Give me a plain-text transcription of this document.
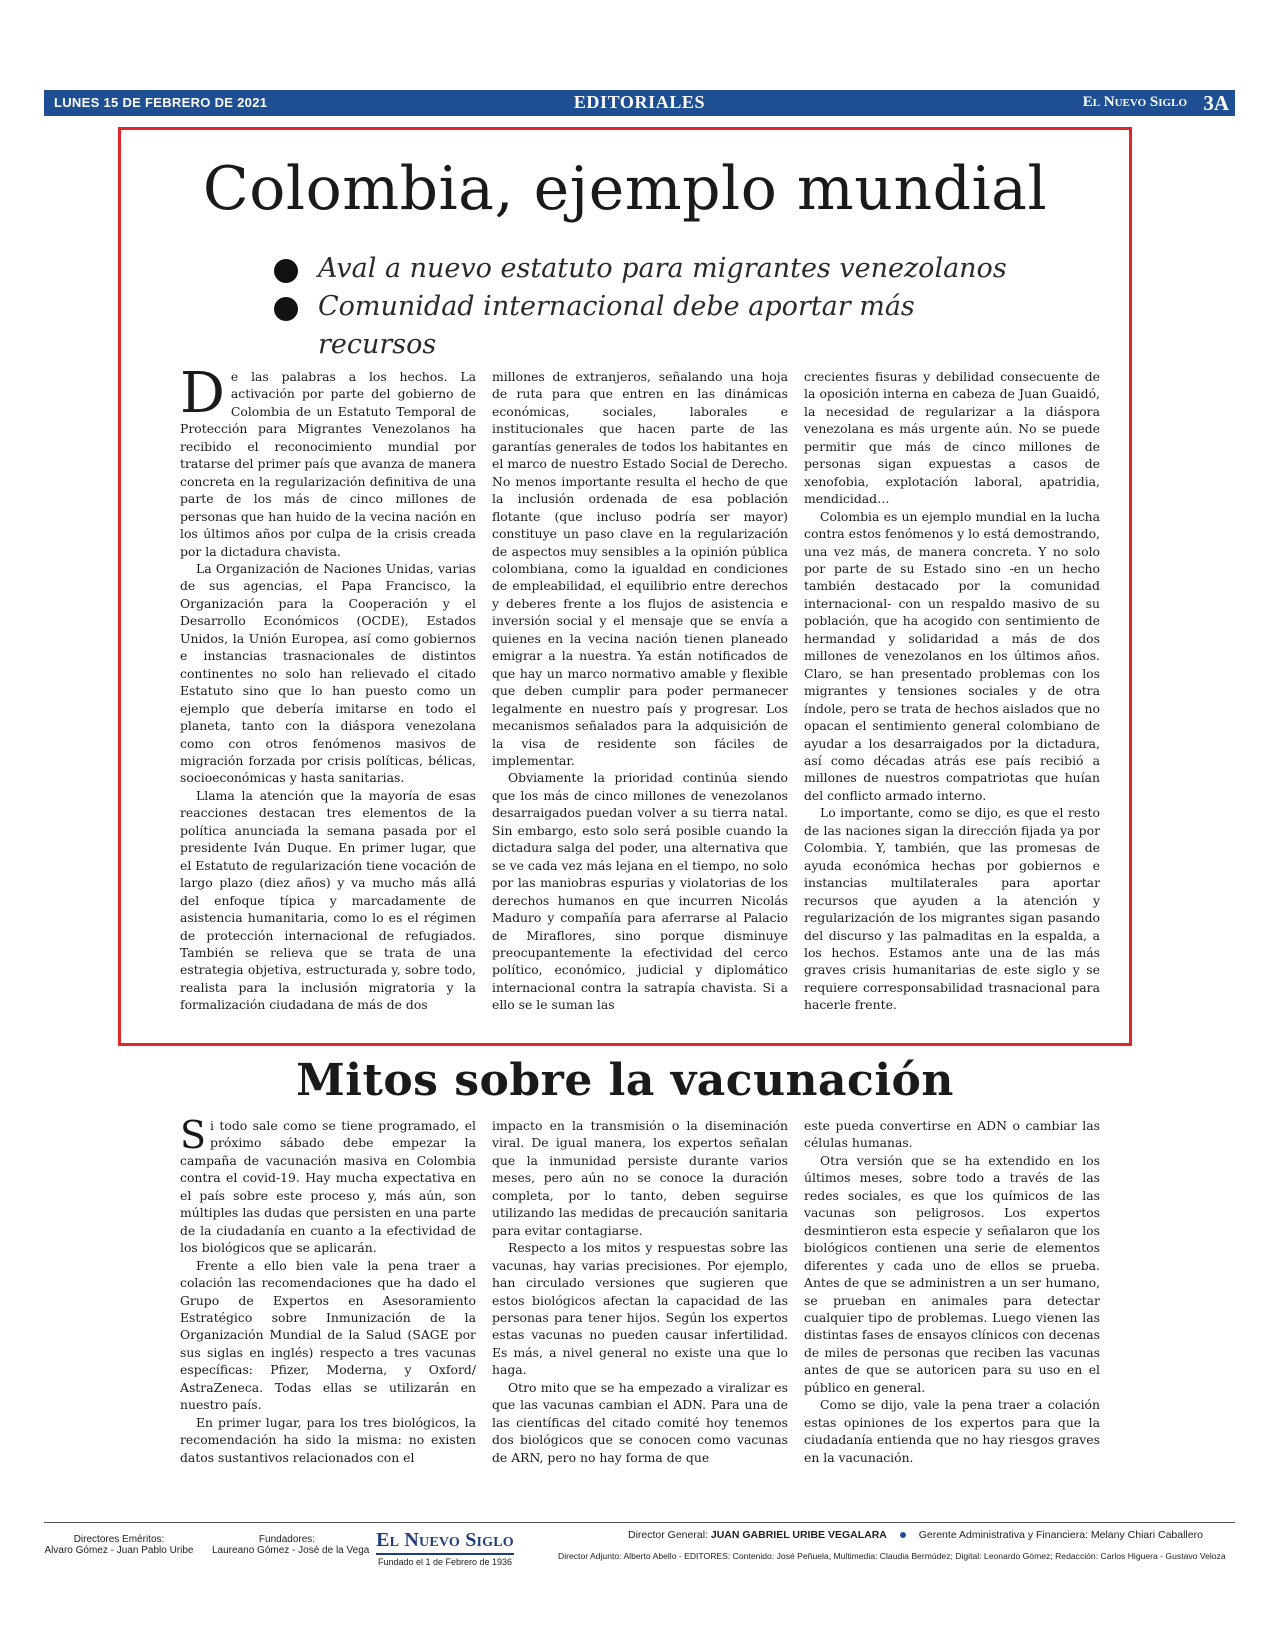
LUNES 15 DE FEBRERO DE 2021	EDITORIALES	El Nuevo Siglo 3A
Colombia, ejemplo mundial
Aval a nuevo estatuto para migrantes venezolanos
Comunidad internacional debe aportar más recursos

De las palabras a los hechos. La activación por parte del gobierno de Colombia de un Estatuto Temporal de Protección para Migrantes Venezolanos ha recibido el reconocimiento mundial por tratarse del primer país que avanza de manera concreta en la regularización definitiva de una parte de los más de cinco millones de personas que han huido de la vecina nación en los últimos años por culpa de la crisis creada por la dictadura chavista.

La Organización de Naciones Unidas, varias de sus agencias, el Papa Francisco, la Organización para la Cooperación y el Desarrollo Económicos (OCDE), Estados Unidos, la Unión Europea, así como gobiernos e instancias trasnacionales de distintos continentes no solo han relievado el citado Estatuto sino que lo han puesto como un ejemplo que debería imitarse en todo el planeta, tanto con la diáspora venezolana como con otros fenómenos masivos de migración forzada por crisis políticas, bélicas, socioeconómicas y hasta sanitarias.

Llama la atención que la mayoría de esas reacciones destacan tres elementos de la política anunciada la semana pasada por el presidente Iván Duque. En primer lugar, que el Estatuto de regularización tiene vocación de largo plazo (diez años) y va mucho más allá del enfoque típica y marcadamente de asistencia humanitaria, como lo es el régimen de protección internacional de refugiados. También se relieva que se trata de una estrategia objetiva, estructurada y, sobre todo, realista para la inclusión migratoria y la formalización ciudadana de más de dos

millones de extranjeros, señalando una hoja de ruta para que entren en las dinámicas económicas, sociales, laborales e institucionales que hacen parte de las garantías generales de todos los habitantes en el marco de nuestro Estado Social de Derecho. No menos importante resulta el hecho de que la inclusión ordenada de esa población flotante (que incluso podría ser mayor) constituye un paso clave en la regularización de aspectos muy sensibles a la opinión pública colombiana, como la igualdad en condiciones de empleabilidad, el equilibrio entre derechos y deberes frente a los flujos de asistencia e inversión social y el mensaje que se envía a quienes en la vecina nación tienen planeado emigrar a la nuestra. Ya están notificados de que hay un marco normativo amable y flexible que deben cumplir para poder permanecer legalmente en nuestro país y progresar. Los mecanismos señalados para la adquisición de la visa de residente son fáciles de implementar.

Obviamente la prioridad continúa siendo que los más de cinco millones de venezolanos desarraigados puedan volver a su tierra natal. Sin embargo, esto solo será posible cuando la dictadura salga del poder, una alternativa que se ve cada vez más lejana en el tiempo, no solo por las maniobras espurias y violatorias de los derechos humanos en que incurren Nicolás Maduro y compañía para aferrarse al Palacio de Miraflores, sino porque disminuye preocupantemente la efectividad del cerco político, económico, judicial y diplomático internacional contra la satrapía chavista. Si a ello se le suman las

crecientes fisuras y debilidad consecuente de la oposición interna en cabeza de Juan Guaidó, la necesidad de regularizar a la diáspora venezolana es más urgente aún. No se puede permitir que más de cinco millones de personas sigan expuestas a casos de xenofobia, explotación laboral, apatridia, mendicidad…

Colombia es un ejemplo mundial en la lucha contra estos fenómenos y lo está demostrando, una vez más, de manera concreta. Y no solo por parte de su Estado sino -en un hecho también destacado por la comunidad internacional- con un respaldo masivo de su población, que ha acogido con sentimiento de hermandad y solidaridad a más de dos millones de venezolanos en los últimos años. Claro, se han presentado problemas con los migrantes y tensiones sociales y de otra índole, pero se trata de hechos aislados que no opacan el sentimiento general colombiano de ayudar a los desarraigados por la dictadura, así como décadas atrás ese país recibió a millones de nuestros compatriotas que huían del conflicto armado interno.

Lo importante, como se dijo, es que el resto de las naciones sigan la dirección fijada ya por Colombia. Y, también, que las promesas de ayuda económica hechas por gobiernos e instancias multilaterales para aportar recursos que ayuden a la atención y regularización de los migrantes sigan pasando del discurso y las palmaditas en la espalda, a los hechos. Estamos ante una de las más graves crisis humanitarias de este siglo y se requiere corresponsabilidad trasnacional para hacerle frente.

Mitos sobre la vacunación

Si todo sale como se tiene programado, el próximo sábado debe empezar la campaña de vacunación masiva en Colombia contra el covid-19. Hay mucha expectativa en el país sobre este proceso y, más aún, son múltiples las dudas que persisten en una parte de la ciudadanía en cuanto a la efectividad de los biológicos que se aplicarán.

Frente a ello bien vale la pena traer a colación las recomendaciones que ha dado el Grupo de Expertos en Asesoramiento Estratégico sobre Inmunización de la Organización Mundial de la Salud (SAGE por sus siglas en inglés) respecto a tres vacunas específicas: Pfizer, Moderna, y Oxford/ AstraZeneca. Todas ellas se utilizarán en nuestro país.

En primer lugar, para los tres biológicos, la recomendación ha sido la misma: no existen datos sustantivos relacionados con el

impacto en la transmisión o la diseminación viral. De igual manera, los expertos señalan que la inmunidad persiste durante varios meses, pero aún no se conoce la duración completa, por lo tanto, deben seguirse utilizando las medidas de precaución sanitaria para evitar contagiarse.

Respecto a los mitos y respuestas sobre las vacunas, hay varias precisiones. Por ejemplo, han circulado versiones que sugieren que estos biológicos afectan la capacidad de las personas para tener hijos. Según los expertos estas vacunas no pueden causar infertilidad. Es más, a nivel general no existe una que lo haga.

Otro mito que se ha empezado a viralizar es que las vacunas cambian el ADN. Para una de las científicas del citado comité hoy tenemos dos biológicos que se conocen como vacunas de ARN, pero no hay forma de que

este pueda convertirse en ADN o cambiar las células humanas.

Otra versión que se ha extendido en los últimos meses, sobre todo a través de las redes sociales, es que los químicos de las vacunas son peligrosos. Los expertos desmintieron esta especie y señalaron que los biológicos contienen una serie de elementos diferentes y cada uno de ellos se prueba. Antes de que se administren a un ser humano, se prueban en animales para detectar cualquier tipo de problemas. Luego vienen las distintas fases de ensayos clínicos con decenas de miles de personas que reciben las vacunas antes de que se autoricen para su uso en el público en general.

Como se dijo, vale la pena traer a colación estas opiniones de los expertos para que la ciudadanía entienda que no hay riesgos graves en la vacunación.

Directores Eméritos:
Alvaro Gómez - Juan Pablo Uribe
Fundadores:
Laureano Gómez - José de la Vega El Nuevo Siglo
Fundado el 1 de Febrero de 1936
Director General: JUAN GABRIEL URIBE VEGALARA	Gerente Administrativa y Financiera: Melany Chiari Caballero
Director Adjunto: Alberto Abello - EDITORES: Contenido: José Peñuela, Multimedia: Claudia Bermúdez; Digital: Leonardo Gómez; Redacción: Carlos Higuera - Gustavo Veloza
